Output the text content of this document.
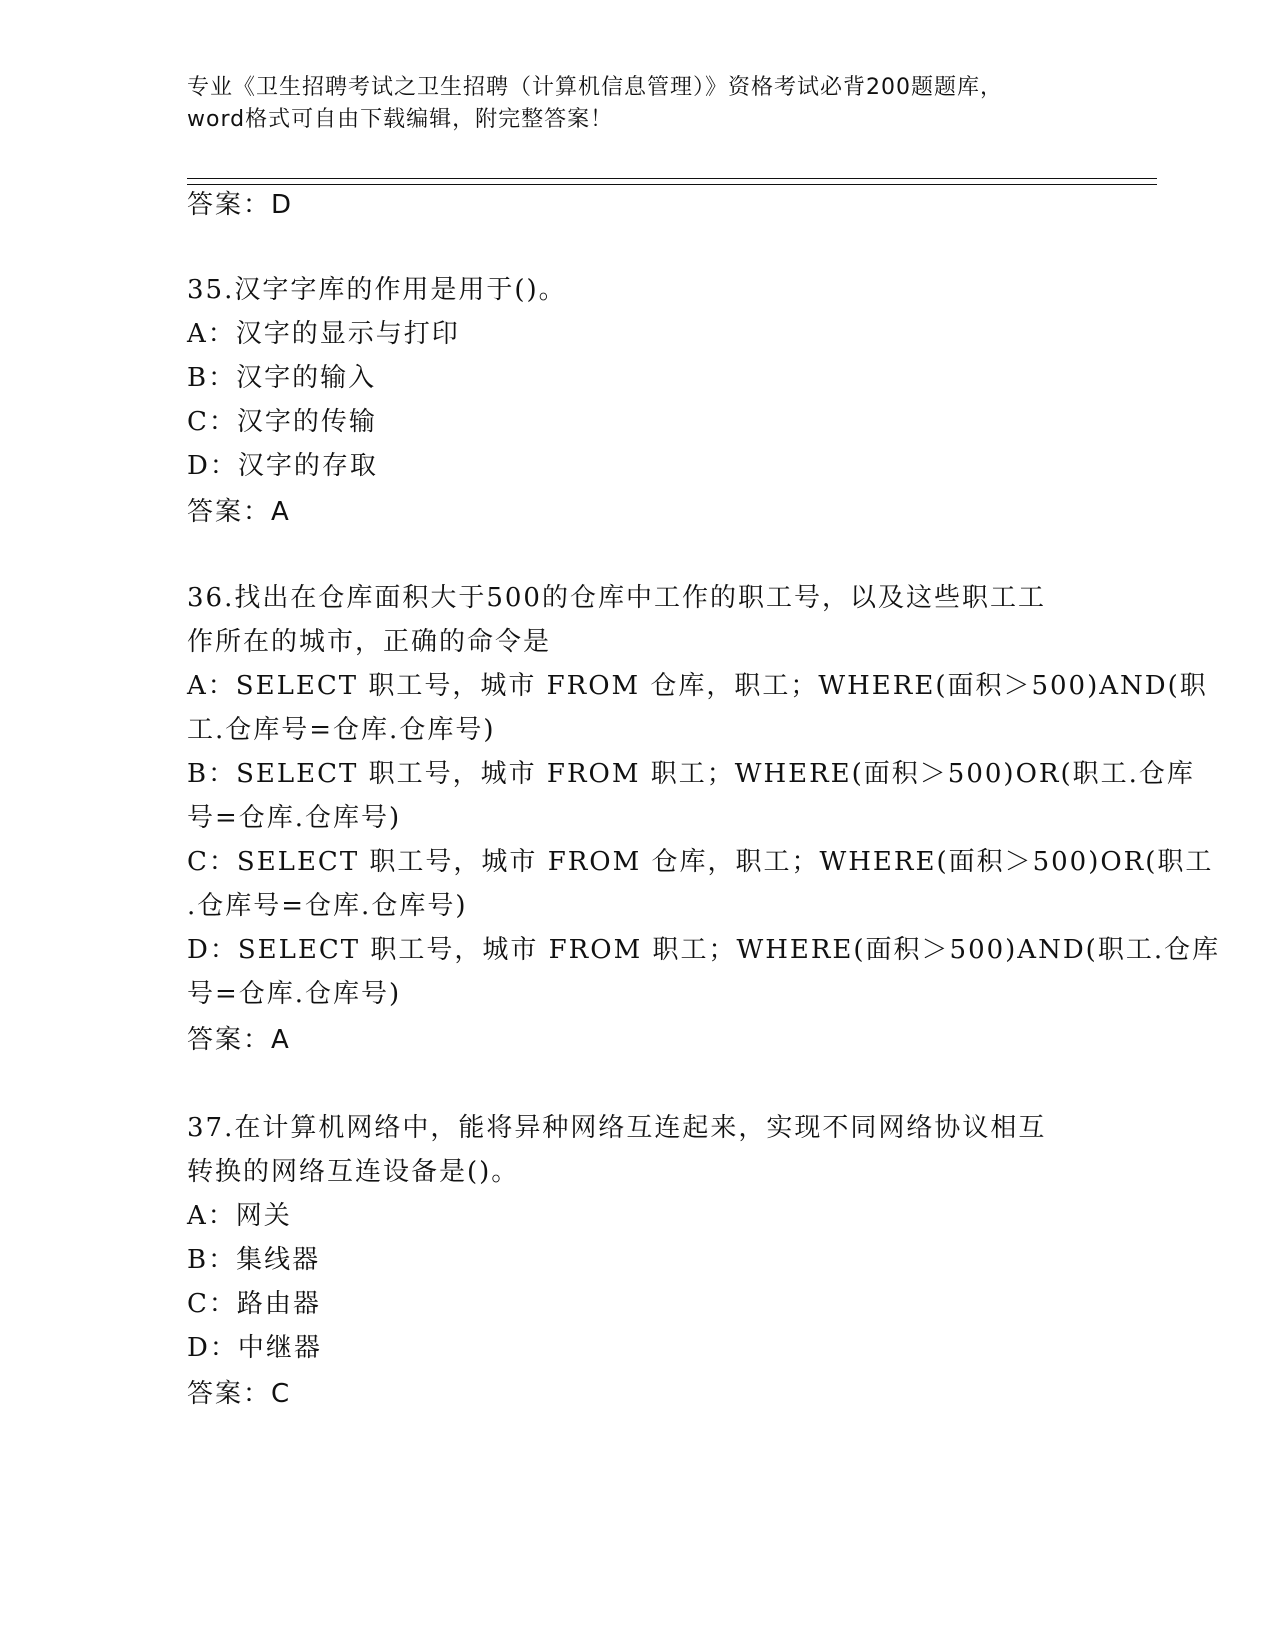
专业《卫生招聘考试之卫生招聘（计算机信息管理）》资格考试必背200题题库，
word格式可自由下载编辑，附完整答案！
答案：D
35.汉字字库的作用是用于()。
A：汉字的显示与打印
B：汉字的输入
C：汉字的传输
D：汉字的存取
答案：A
36.找出在仓库面积大于500的仓库中工作的职工号，以及这些职工工
作所在的城市，正确的命令是
A：SELECT 职工号，城市 FROM 仓库，职工；WHERE(面积＞500)AND(职
工.仓库号=仓库.仓库号)
B：SELECT 职工号，城市 FROM 职工；WHERE(面积＞500)OR(职工.仓库
号=仓库.仓库号)
C：SELECT 职工号，城市 FROM 仓库，职工；WHERE(面积＞500)OR(职工
.仓库号=仓库.仓库号)
D：SELECT 职工号，城市 FROM 职工；WHERE(面积＞500)AND(职工.仓库
号=仓库.仓库号)
答案：A
37.在计算机网络中，能将异种网络互连起来，实现不同网络协议相互
转换的网络互连设备是()。
A：网关
B：集线器
C：路由器
D：中继器
答案：C
